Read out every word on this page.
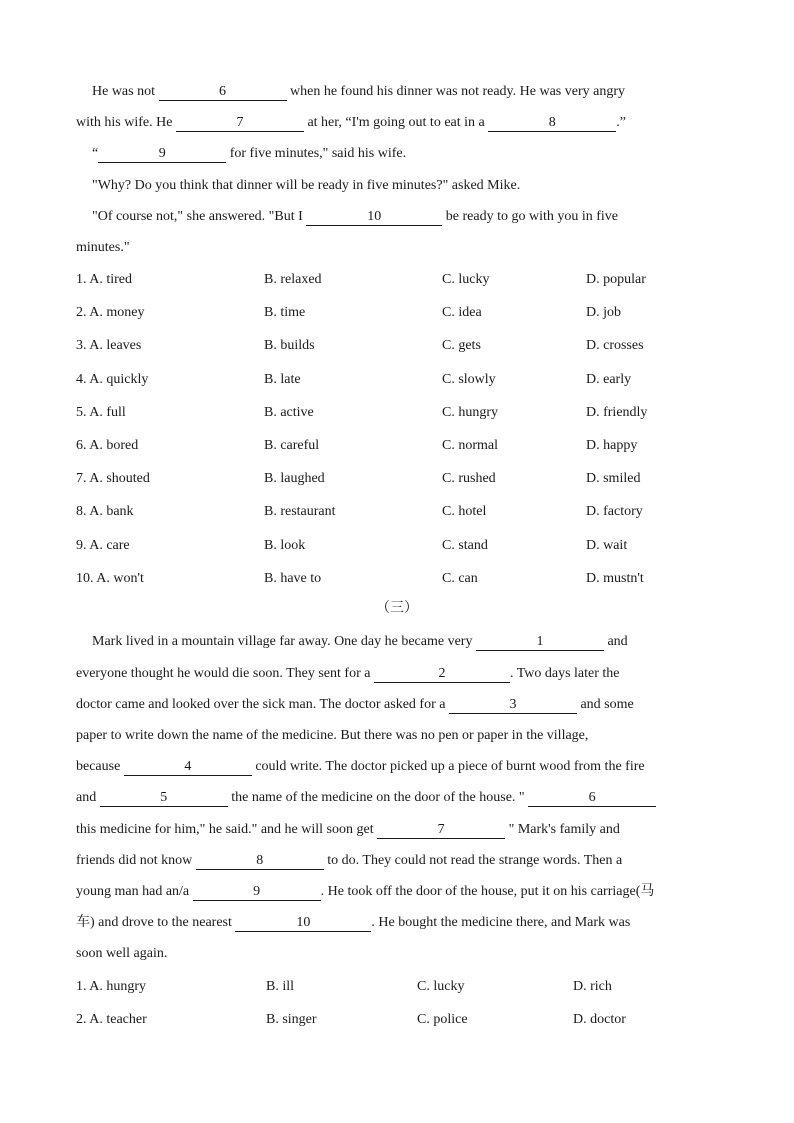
He was not	6	when he found his dinner was not ready. He was very angry
with his wife. He	7	at her, “I'm going out to eat in a	8	.”
“	9	for five minutes," said his wife.
"Why? Do you think that dinner will be ready in five minutes?" asked Mike.
"Of course not," she answered. "But I	10	be ready to go with you in five
minutes."
1. A. tired	B. relaxed	C. lucky	D. popular
2. A. money	B. time	C. idea	D. job
3. A. leaves	B. builds	C. gets	D. crosses
4. A. quickly	B. late	C. slowly	D. early
5. A. full	B. active	C. hungry	D. friendly
6. A. bored	B. careful	C. normal	D. happy
7. A. shouted	B. laughed	C. rushed	D. smiled
8. A. bank	B. restaurant	C. hotel	D. factory
9. A. care	B. look	C. stand	D. wait
10. A. won't	B. have to	C. can	D. mustn't
（三）
Mark lived in a mountain village far away. One day he became very	1	and
everyone thought he would die soon. They sent for a	2	. Two days later the
doctor came and looked over the sick man. The doctor asked for a	3	and some
paper to write down the name of the medicine. But there was no pen or paper in the village,
because	4	could write. The doctor picked up a piece of burnt wood from the fire
and	5	the name of the medicine on the door of the house. "	6
this medicine for him," he said." and he will soon get	7	" Mark's family and
friends did not know	8	to do. They could not read the strange words. Then a
young man had an/a	9	. He took off the door of the house, put it on his carriage(马
车) and drove to the nearest	10	. He bought the medicine there, and Mark was
soon well again.
1. A. hungry	B. ill	C. lucky	D. rich
2. A. teacher	B. singer	C. police	D. doctor
